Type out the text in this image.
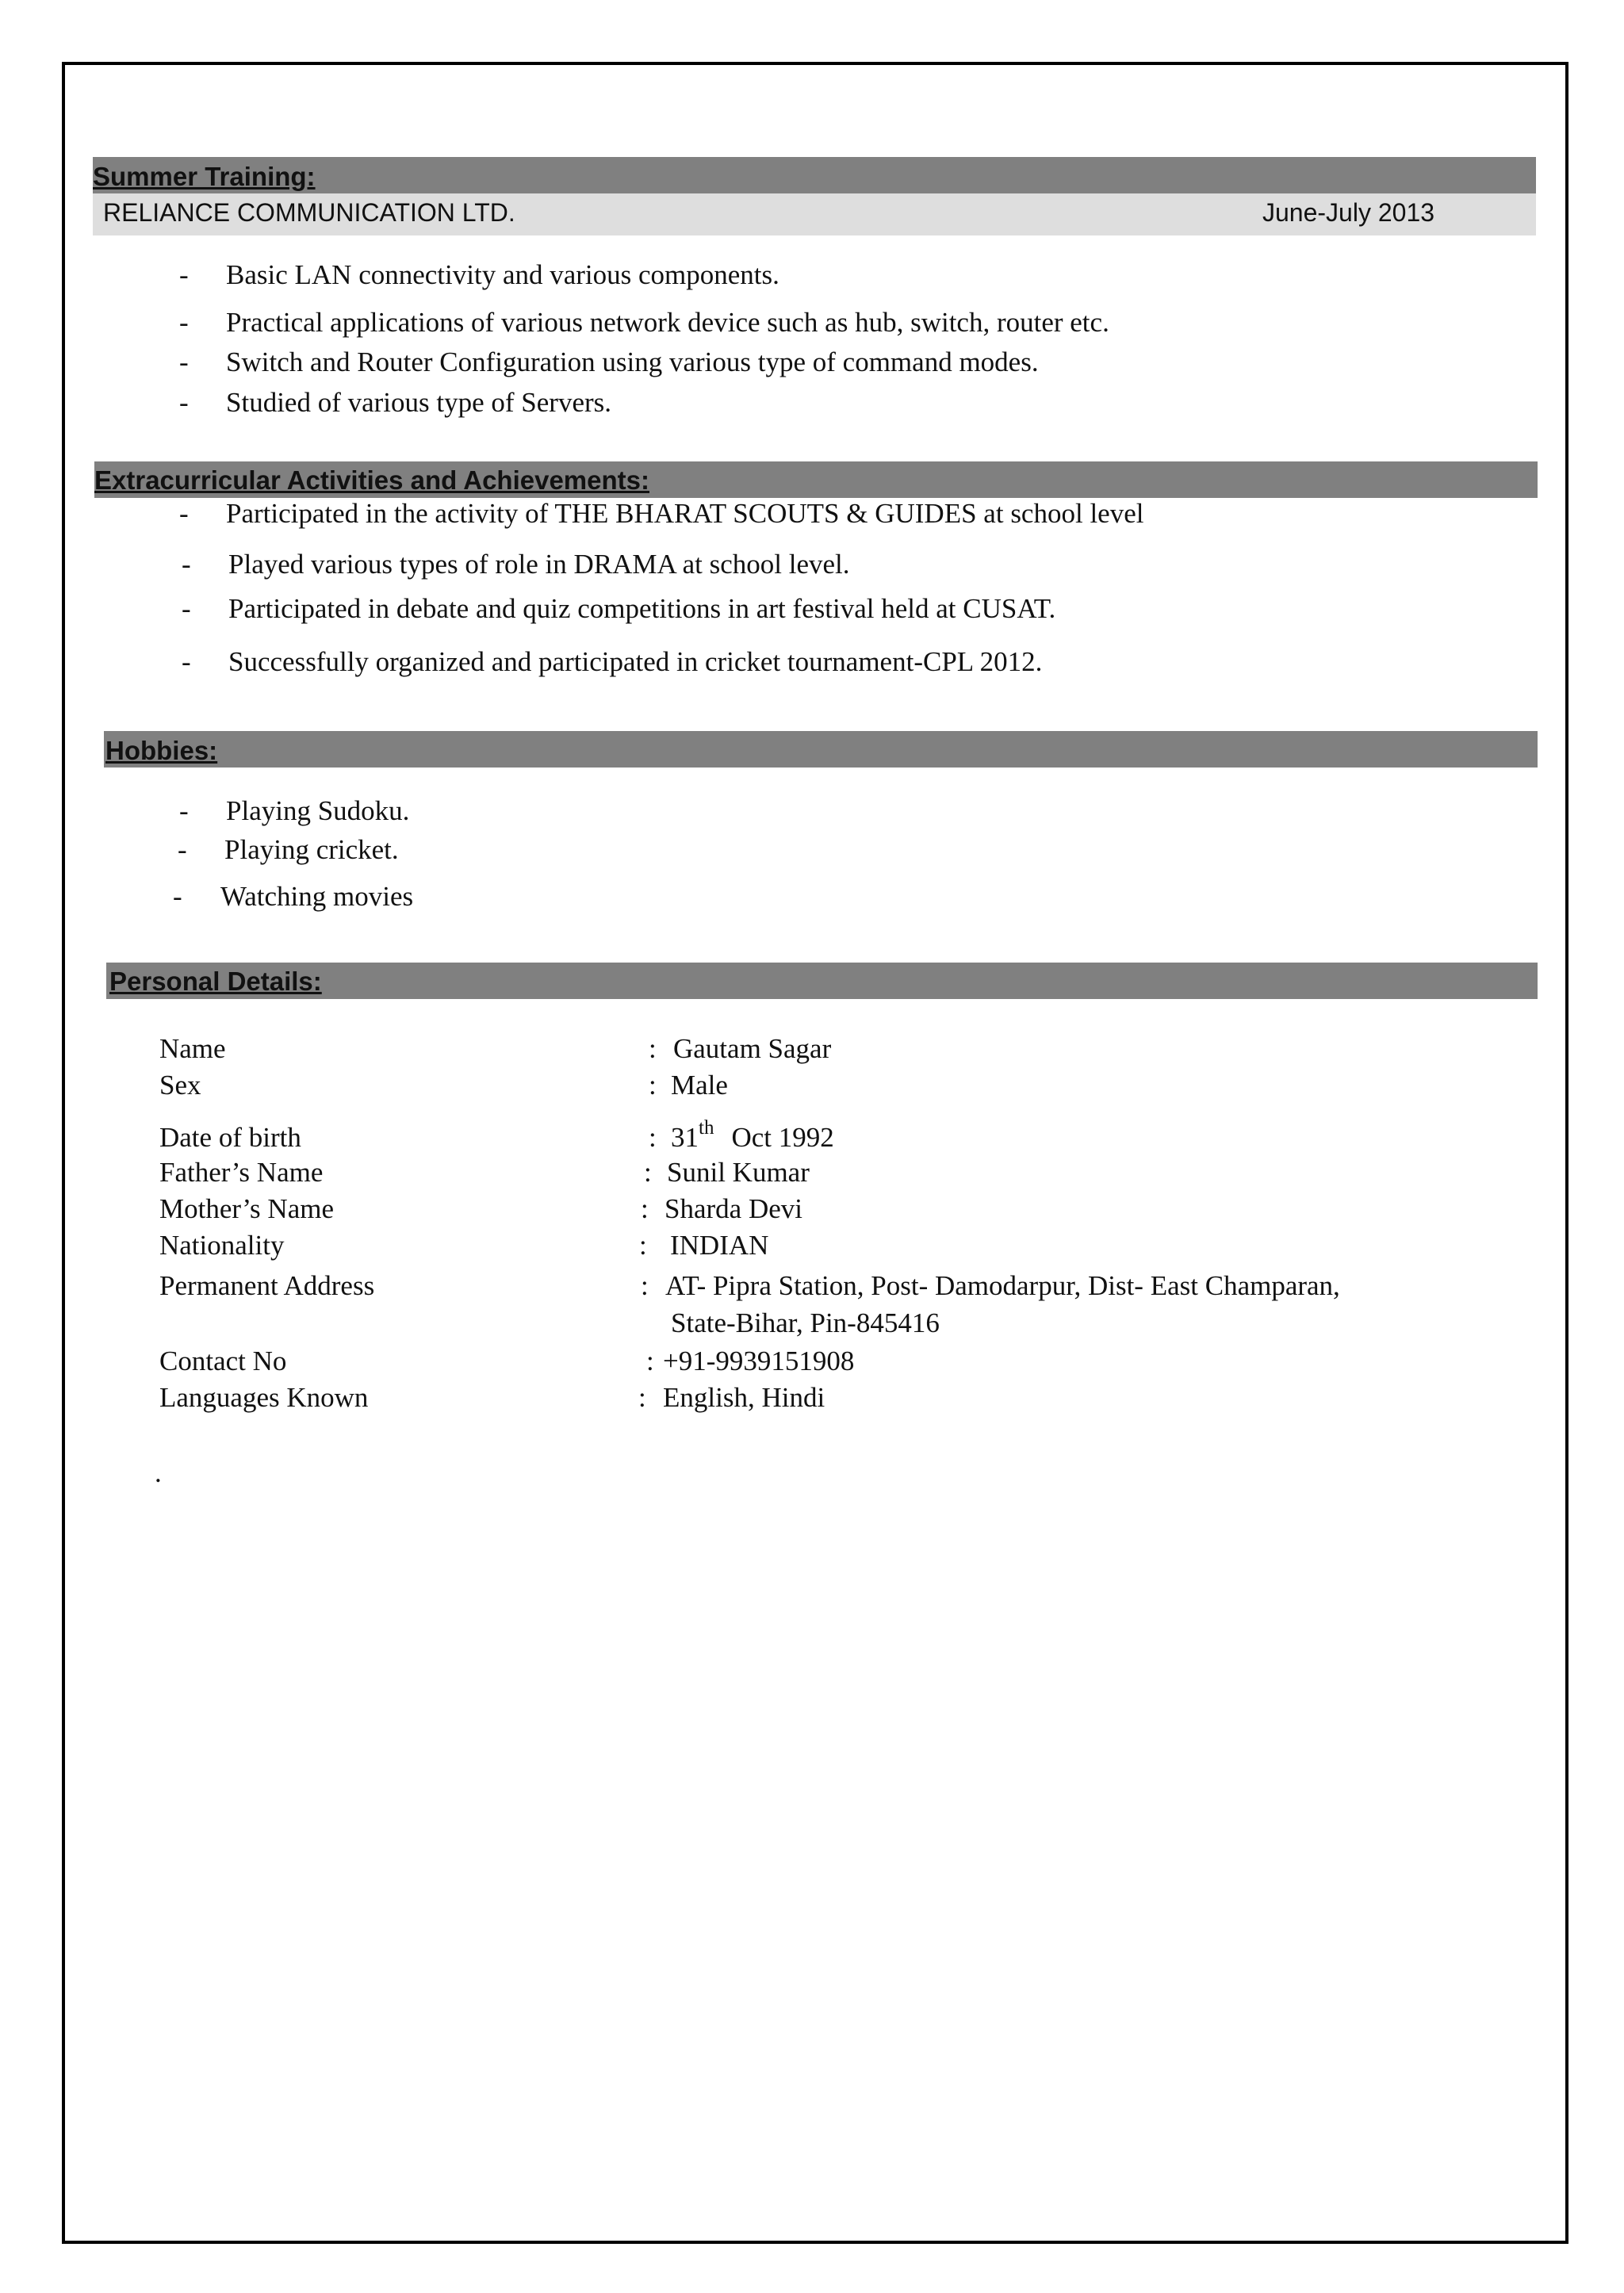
Summer Training:
RELIANCE COMMUNICATION LTD.	June-July 2013
- Basic LAN connectivity and various components.
- Practical applications of various network device such as hub, switch, router etc.
- Switch and Router Configuration using various type of command modes.
- Studied of various type of Servers.
Extracurricular Activities and Achievements:
- Participated in the activity of THE BHARAT SCOUTS & GUIDES at school level
- Played various types of role in DRAMA at school level.
- Participated in debate and quiz competitions in art festival held at CUSAT.
- Successfully organized and participated in cricket tournament-CPL 2012.
Hobbies:
- Playing Sudoku.
- Playing cricket.
- Watching movies
Personal Details:
Name	: Gautam Sagar
Sex	: Male
Date of birth	: 31th Oct 1992
Father’s Name	: Sunil Kumar
Mother’s Name	: Sharda Devi
Nationality	: INDIAN
Permanent Address	: AT- Pipra Station, Post- Damodarpur, Dist- East Champaran,
State-Bihar, Pin-845416
Contact No	: +91-9939151908
Languages Known	: English, Hindi
.
